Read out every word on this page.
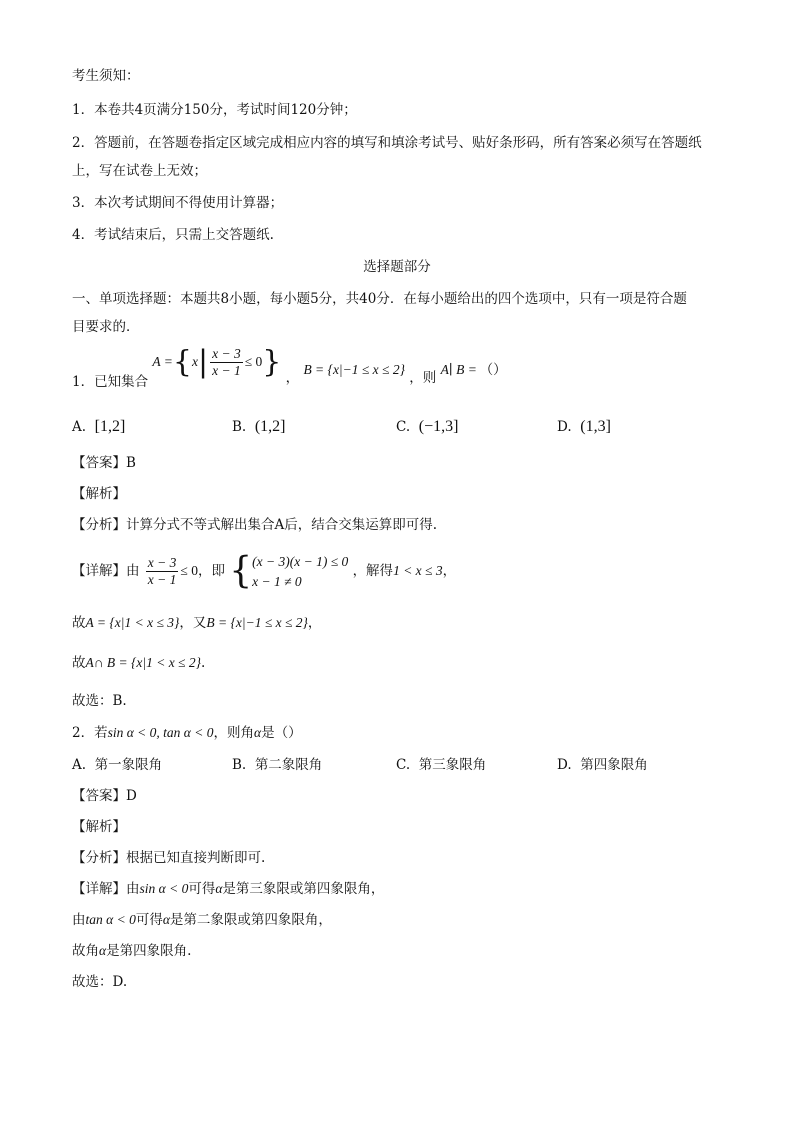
考生须知：
1．本卷共4页满分150分，考试时间120分钟；
2．答题前，在答题卷指定区域完成相应内容的填写和填涂考试号、贴好条形码，所有答案必须写在答题纸
上，写在试卷上无效；
3．本次考试期间不得使用计算器；
4．考试结束后，只需上交答题纸.
选择题部分
一、单项选择题：本题共8小题，每小题5分，共40分．在每小题给出的四个选项中，只有一项是符合题
目要求的．
1．已知集合 $A =\{x| \frac{x - 3}{x - 1} \le 0\}$ ， B = {x|−1 ≤ x ≤ 2} ，则 A∣ B = （）
A. [1,2]	B. (1,2]	C. (−1,3]	D. (1,3]
【答案】B
【解析】
【分析】计算分式不等式解出集合A后，结合交集运算即可得.
【详解】由 $\frac{x - 3}{x - 1} \le 0$，即 { (x − 3)(x − 1) ≤ 0
x − 1 ≠ 0
，解得1 < x ≤ 3，
故A = {x|1 < x ≤ 3}，又B = {x|−1 ≤ x ≤ 2}，
故A∩ B = {x|1 < x ≤ 2}.
故选：B.
2．若sin α < 0, tan α < 0，则角α是（）
A. 第一象限角	B. 第二象限角	C. 第三象限角	D. 第四象限角
【答案】D
【解析】
【分析】根据已知直接判断即可.
【详解】由sin α < 0可得α是第三象限或第四象限角，
由tan α < 0可得α是第二象限或第四象限角，
故角α是第四象限角.
故选：D.
